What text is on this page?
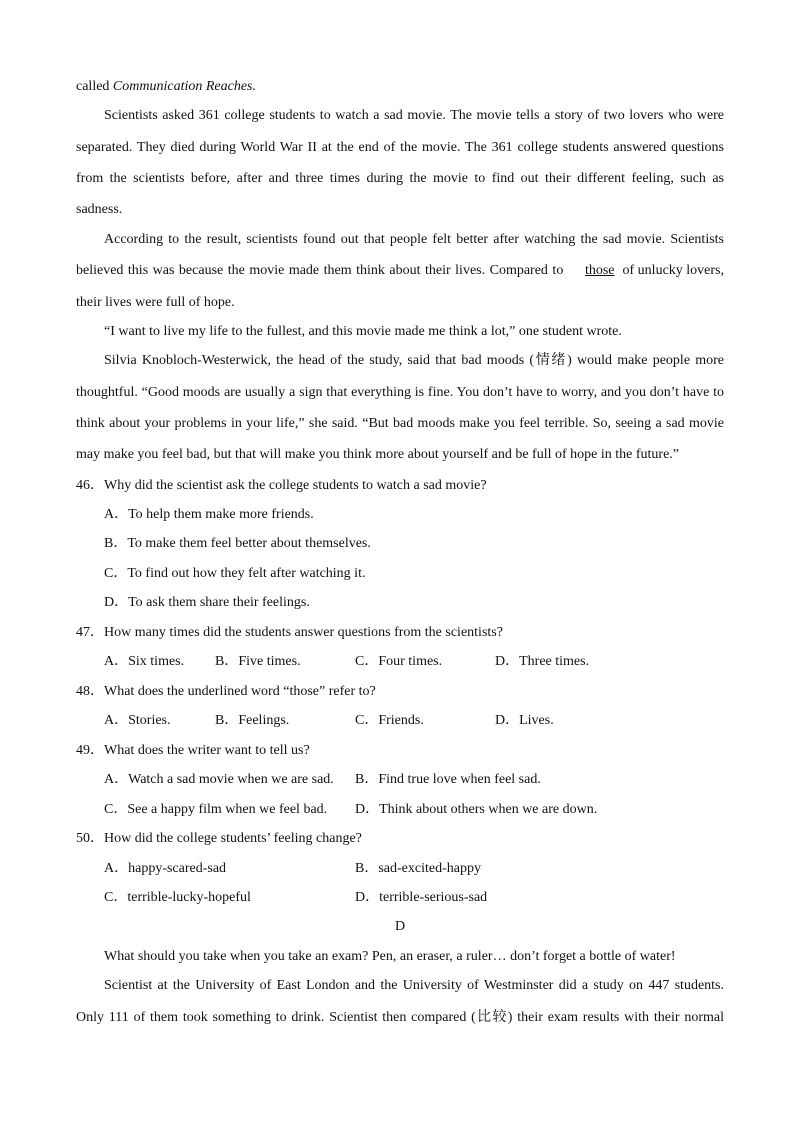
called Communication Reaches.
Scientists asked 361 college students to watch a sad movie. The movie tells a story of two lovers who were
separated. They died during World War II at the end of the movie. The 361 college students answered questions
from the scientists before, after and three times during the movie to find out their different feeling, such as
sadness.
According to the result, scientists found out that people felt better after watching the sad movie. Scientists
believed this was because the movie made them think about their lives. Compared to	those of unlucky lovers,
their lives were full of hope.
“I want to live my life to the fullest, and this movie made me think a lot,” one student wrote.
Silvia Knobloch-Westerwick, the head of the study, said that bad moods (情绪) would make people more
thoughtful. “Good moods are usually a sign that everything is fine. You don’t have to worry, and you don’t have to
think about your problems in your life,” she said. “But bad moods make you feel terrible. So, seeing a sad movie
may make you feel bad, but that will make you think more about yourself and be full of hope in the future.”
46．Why did the scientist ask the college students to watch a sad movie?
A．To help them make more friends.
B．To make them feel better about themselves.
C．To find out how they felt after watching it.
D．To ask them share their feelings.
47．How many times did the students answer questions from the scientists?
A．Six times. B．Five times.	C．Four times.	D．Three times.
48．What does the underlined word “those” refer to?
A．Stories.	B．Feelings.	C．Friends.	D．Lives.
49．What does the writer want to tell us?
A．Watch a sad movie when we are sad. B．Find true love when feel sad.
C．See a happy film when we feel bad. D．Think about others when we are down.
50．How did the college students’ feeling change?
A．happy-scared-sad	B．sad-excited-happy
C．terrible-lucky-hopeful	D．terrible-serious-sad
D
What should you take when you take an exam? Pen, an eraser, a ruler… don’t forget a bottle of water!
Scientist at the University of East London and the University of Westminster did a study on 447 students.
Only 111 of them took something to drink. Scientist then compared (比较) their exam results with their normal
